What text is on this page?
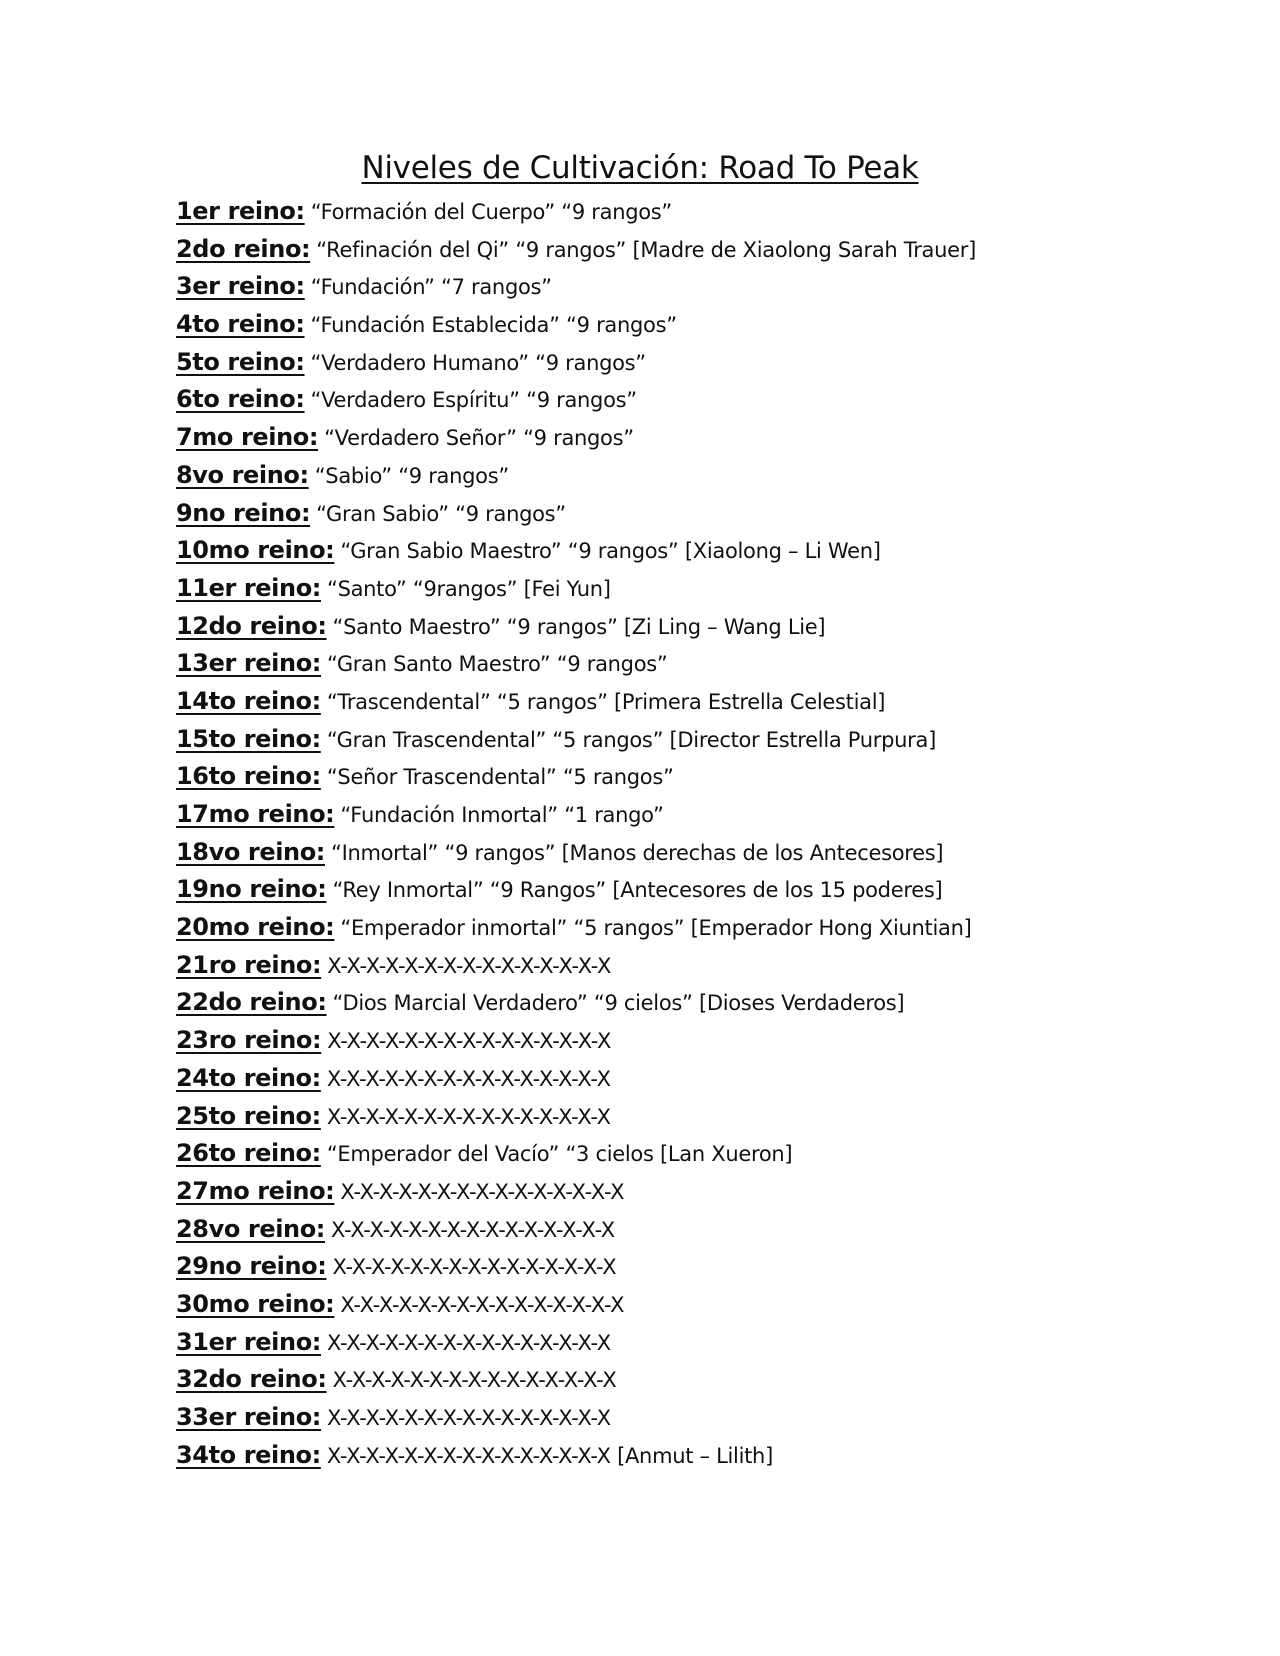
Niveles de Cultivación: Road To Peak
1er reino: “Formación del Cuerpo” “9 rangos”
2do reino: “Refinación del Qi” “9 rangos” [Madre de Xiaolong Sarah Trauer]
3er reino: “Fundación” “7 rangos”
4to reino: “Fundación Establecida” “9 rangos”
5to reino: “Verdadero Humano” “9 rangos”
6to reino: “Verdadero Espíritu” “9 rangos”
7mo reino: “Verdadero Señor” “9 rangos”
8vo reino: “Sabio” “9 rangos”
9no reino: “Gran Sabio” “9 rangos”
10mo reino: “Gran Sabio Maestro” “9 rangos” [Xiaolong – Li Wen]
11er reino: “Santo” “9rangos” [Fei Yun]
12do reino: “Santo Maestro” “9 rangos” [Zi Ling – Wang Lie]
13er reino: “Gran Santo Maestro” “9 rangos”
14to reino: “Trascendental” “5 rangos” [Primera Estrella Celestial]
15to reino: “Gran Trascendental” “5 rangos” [Director Estrella Purpura]
16to reino: “Señor Trascendental” “5 rangos”
17mo reino: “Fundación Inmortal” “1 rango”
18vo reino: “Inmortal” “9 rangos” [Manos derechas de los Antecesores]
19no reino: “Rey Inmortal” “9 Rangos” [Antecesores de los 15 poderes]
20mo reino: “Emperador inmortal” “5 rangos” [Emperador Hong Xiuntian]
21ro reino: X-X-X-X-X-X-X-X-X-X-X-X-X-X-X
22do reino: “Dios Marcial Verdadero” “9 cielos” [Dioses Verdaderos]
23ro reino: X-X-X-X-X-X-X-X-X-X-X-X-X-X-X
24to reino: X-X-X-X-X-X-X-X-X-X-X-X-X-X-X
25to reino: X-X-X-X-X-X-X-X-X-X-X-X-X-X-X
26to reino: “Emperador del Vacío” “3 cielos [Lan Xueron]
27mo reino: X-X-X-X-X-X-X-X-X-X-X-X-X-X-X
28vo reino: X-X-X-X-X-X-X-X-X-X-X-X-X-X-X
29no reino: X-X-X-X-X-X-X-X-X-X-X-X-X-X-X
30mo reino: X-X-X-X-X-X-X-X-X-X-X-X-X-X-X
31er reino: X-X-X-X-X-X-X-X-X-X-X-X-X-X-X
32do reino: X-X-X-X-X-X-X-X-X-X-X-X-X-X-X
33er reino: X-X-X-X-X-X-X-X-X-X-X-X-X-X-X
34to reino: X-X-X-X-X-X-X-X-X-X-X-X-X-X-X [Anmut – Lilith]
